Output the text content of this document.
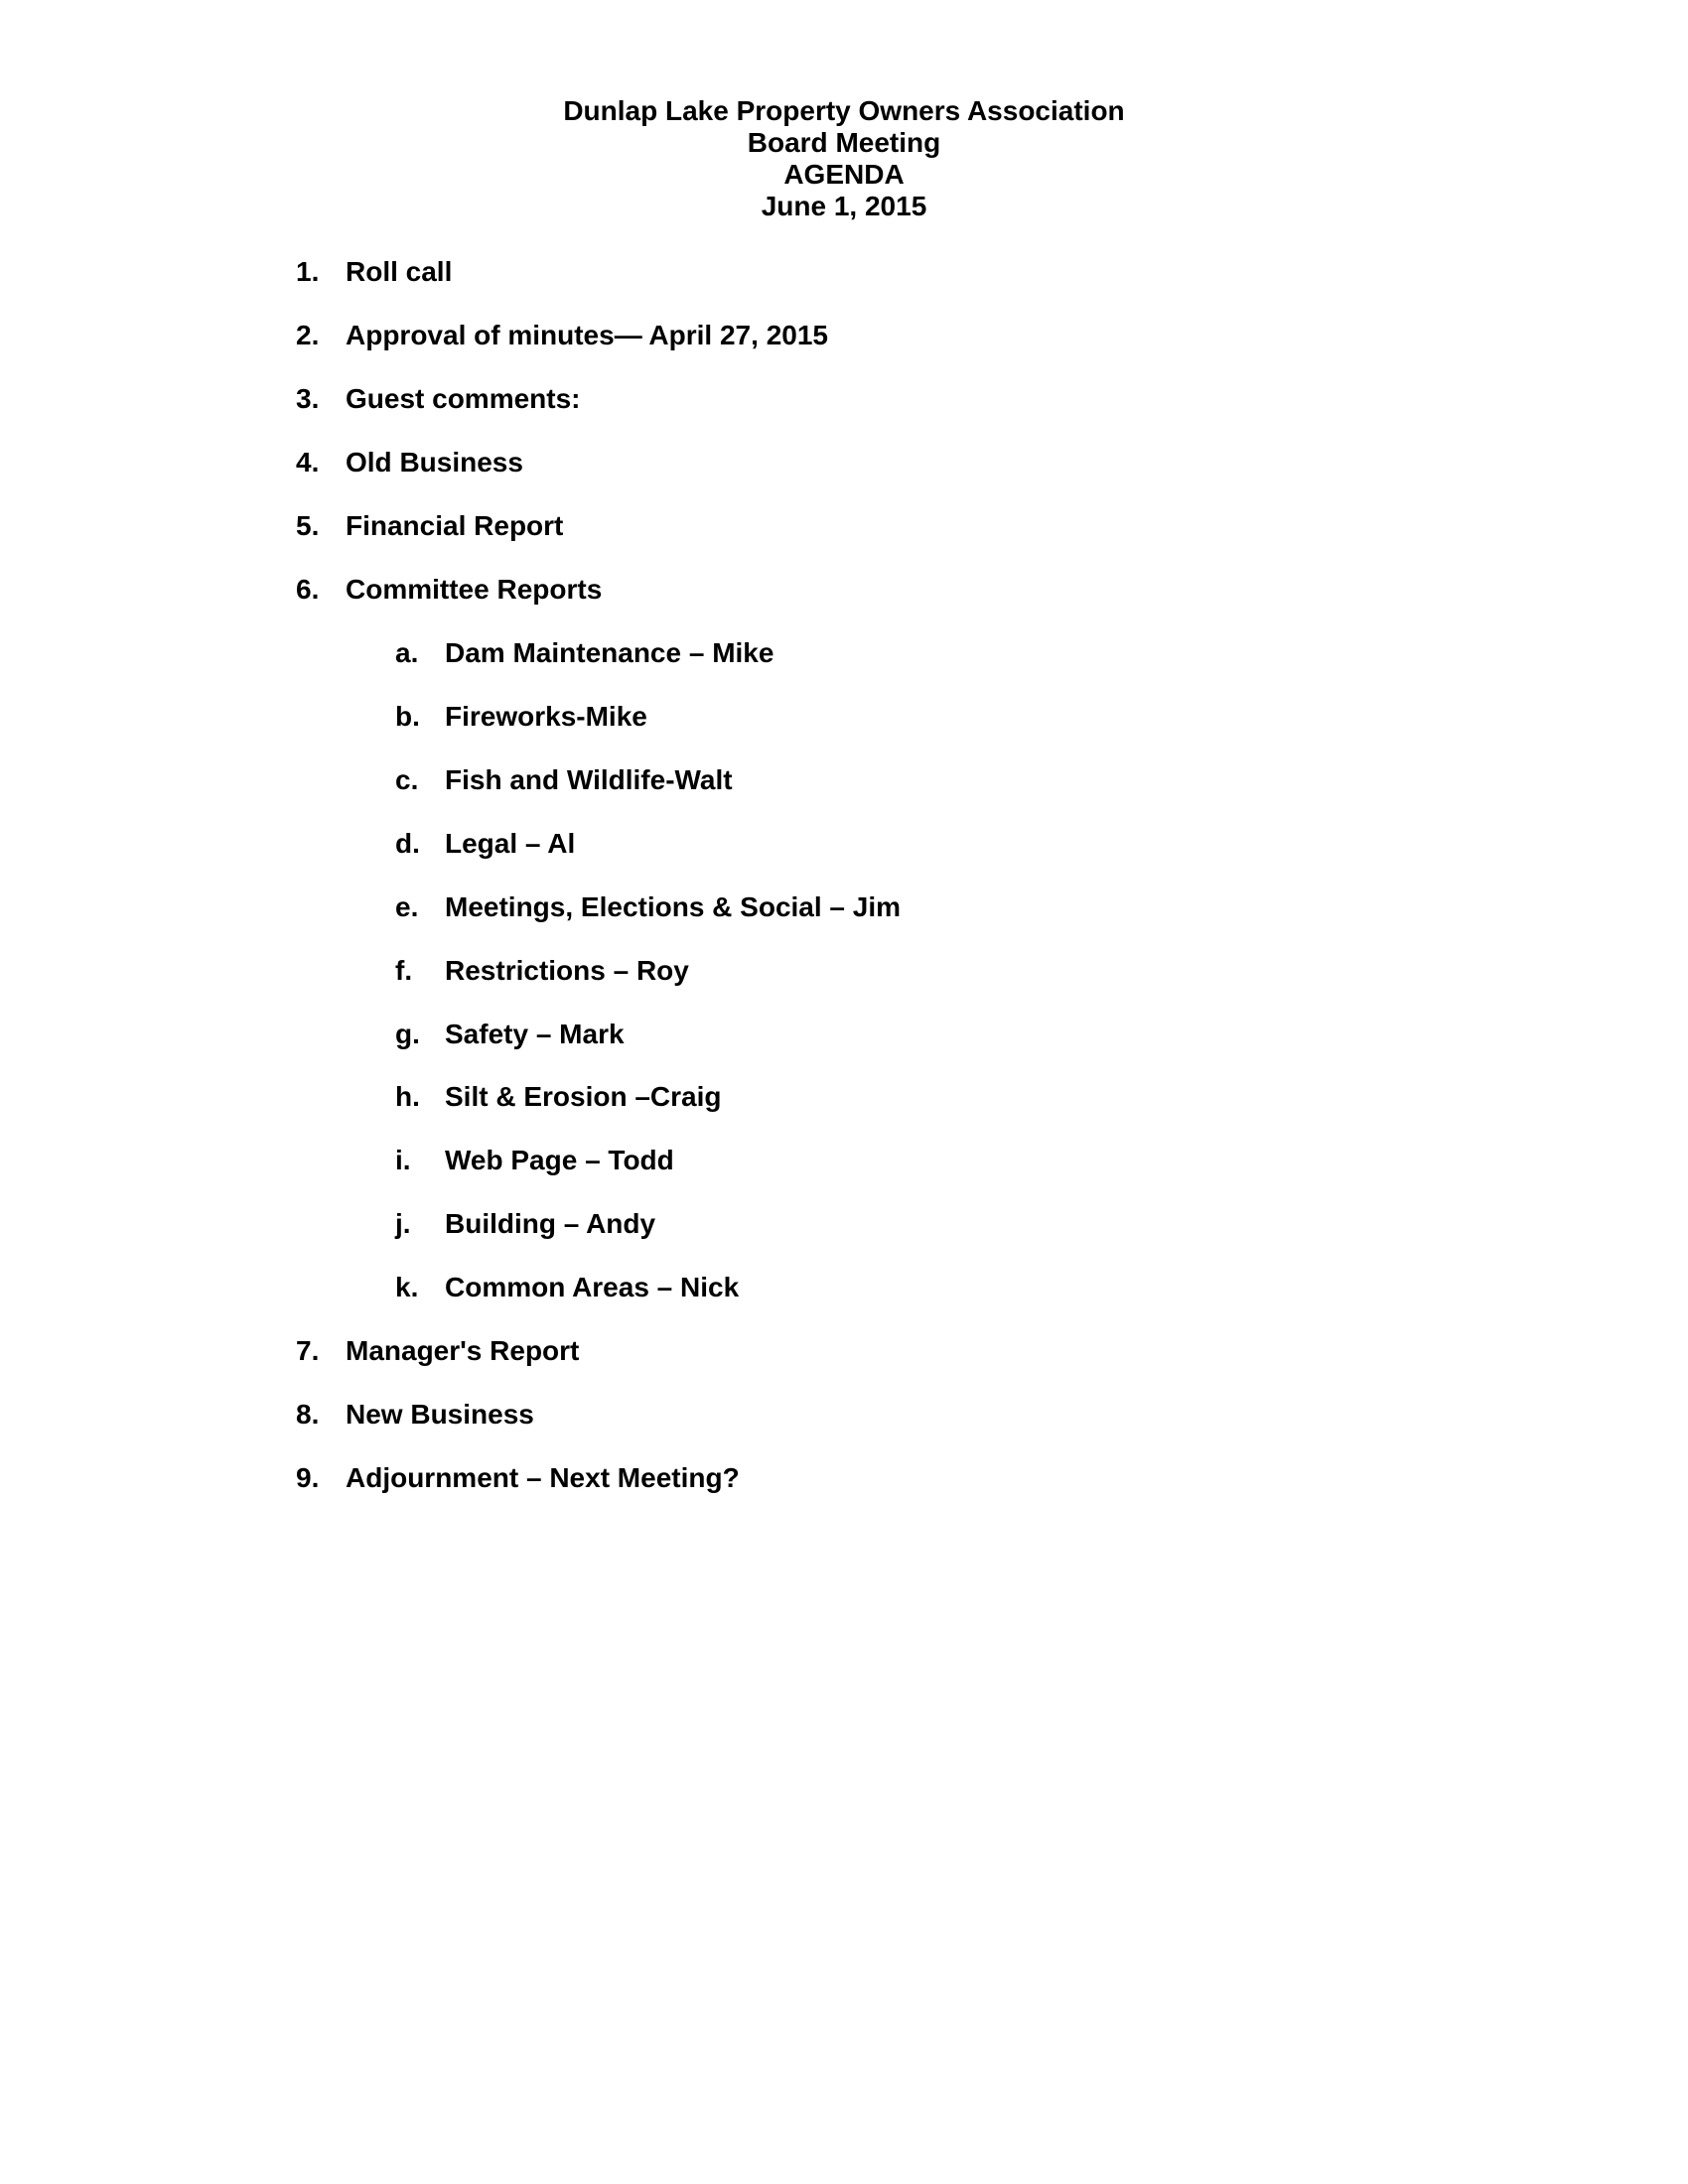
Dunlap Lake Property Owners Association
Board Meeting
AGENDA
June 1, 2015
1. Roll call
2. Approval of minutes— April 27, 2015
3. Guest comments:
4. Old Business
5. Financial Report
6. Committee Reports
a. Dam Maintenance – Mike
b. Fireworks-Mike
c. Fish and Wildlife-Walt
d. Legal – Al
e. Meetings, Elections & Social – Jim
f. Restrictions – Roy
g. Safety – Mark
h. Silt & Erosion –Craig
i. Web Page – Todd
j. Building – Andy
k. Common Areas – Nick
7. Manager's Report
8. New Business
9. Adjournment – Next Meeting?
